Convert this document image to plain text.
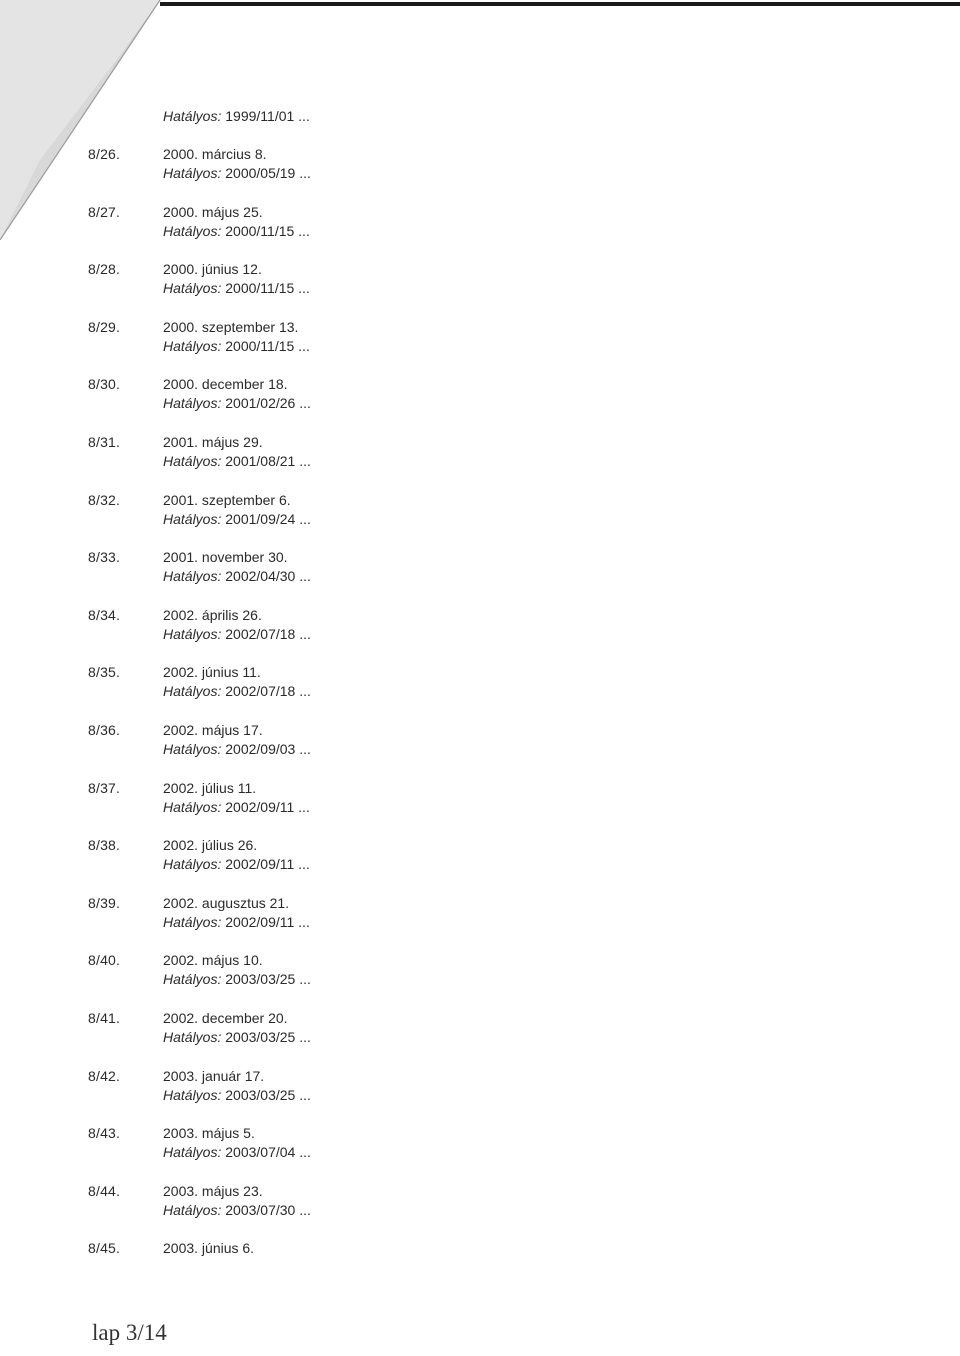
Hatályos: 1999/11/01 ...
8/26.	2000. március 8.
Hatályos: 2000/05/19 ...
8/27.	2000. május 25.
Hatályos: 2000/11/15 ...
8/28.	2000. június 12.
Hatályos: 2000/11/15 ...
8/29.	2000. szeptember 13.
Hatályos: 2000/11/15 ...
8/30.	2000. december 18.
Hatályos: 2001/02/26 ...
8/31.	2001. május 29.
Hatályos: 2001/08/21 ...
8/32.	2001. szeptember 6.
Hatályos: 2001/09/24 ...
8/33.	2001. november 30.
Hatályos: 2002/04/30 ...
8/34.	2002. április 26.
Hatályos: 2002/07/18 ...
8/35.	2002. június 11.
Hatályos: 2002/07/18 ...
8/36.	2002. május 17.
Hatályos: 2002/09/03 ...
8/37.	2002. július 11.
Hatályos: 2002/09/11 ...
8/38.	2002. július 26.
Hatályos: 2002/09/11 ...
8/39.	2002. augusztus 21.
Hatályos: 2002/09/11 ...
8/40.	2002. május 10.
Hatályos: 2003/03/25 ...
8/41.	2002. december 20.
Hatályos: 2003/03/25 ...
8/42.	2003. január 17.
Hatályos: 2003/03/25 ...
8/43.	2003. május 5.
Hatályos: 2003/07/04 ...
8/44.	2003. május 23.
Hatályos: 2003/07/30 ...
8/45.	2003. június 6.
lap 3/14
